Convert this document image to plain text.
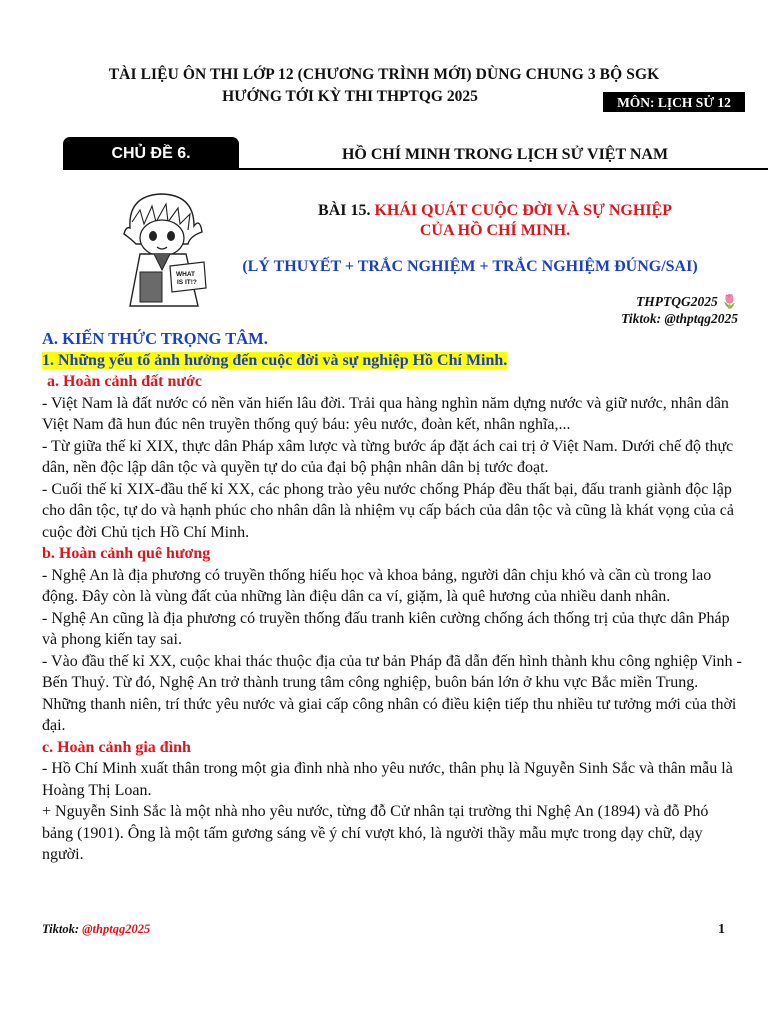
TÀI LIỆU ÔN THI LỚP 12 (CHƯƠNG TRÌNH MỚI) DÙNG CHUNG 3 BỘ SGK
HƯỚNG TỚI KỲ THI THPTQG 2025	MÔN: LỊCH SỬ 12
CHỦ ĐỀ 6.	HỒ CHÍ MINH TRONG LỊCH SỬ VIỆT NAM
WHAT
IS IT!?
BÀI 15. KHÁI QUÁT CUỘC ĐỜI VÀ SỰ NGHIỆP
CỦA HỒ CHÍ MINH.
(LÝ THUYẾT + TRẮC NGHIỆM + TRẮC NGHIỆM ĐÚNG/SAI)
THPTQG2025 🌷
Tiktok: @thptqg2025

A. KIẾN THỨC TRỌNG TÂM.

1. Những yếu tố ảnh hưởng đến cuộc đời và sự nghiệp Hồ Chí Minh.

a. Hoàn cảnh đất nước

- Việt Nam là đất nước có nền văn hiến lâu đời. Trải qua hàng nghìn năm dựng nước và giữ nước, nhân dân Việt Nam đã hun đúc nên truyền thống quý báu: yêu nước, đoàn kết, nhân nghĩa,...

- Từ giữa thế kỉ XIX, thực dân Pháp xâm lược và từng bước áp đặt ách cai trị ở Việt Nam. Dưới chế độ thực dân, nền độc lập dân tộc và quyền tự do của đại bộ phận nhân dân bị tước đoạt.

- Cuối thế kỉ XIX-đầu thế kỉ XX, các phong trào yêu nước chống Pháp đều thất bại, đấu tranh giành độc lập cho dân tộc, tự do và hạnh phúc cho nhân dân là nhiệm vụ cấp bách của dân tộc và cũng là khát vọng của cả cuộc đời Chủ tịch Hồ Chí Minh.

b. Hoàn cảnh quê hương

- Nghệ An là địa phương có truyền thống hiếu học và khoa bảng, người dân chịu khó và cần cù trong lao động. Đây còn là vùng đất của những làn điệu dân ca ví, giặm, là quê hương của nhiều danh nhân.

- Nghệ An cũng là địa phương có truyền thống đấu tranh kiên cường chống ách thống trị của thực dân Pháp và phong kiến tay sai.

- Vào đầu thế kỉ XX, cuộc khai thác thuộc địa của tư bản Pháp đã dẫn đến hình thành khu công nghiệp Vinh - Bến Thuỷ. Từ đó, Nghệ An trở thành trung tâm công nghiệp, buôn bán lớn ở khu vực Bắc miền Trung. Những thanh niên, trí thức yêu nước và giai cấp công nhân có điều kiện tiếp thu nhiều tư tưởng mới của thời đại.

c. Hoàn cảnh gia đình

- Hồ Chí Minh xuất thân trong một gia đình nhà nho yêu nước, thân phụ là Nguyễn Sinh Sắc và thân mẫu là Hoàng Thị Loan.

+ Nguyễn Sinh Sắc là một nhà nho yêu nước, từng đỗ Cử nhân tại trường thi Nghệ An (1894) và đỗ Phó bảng (1901). Ông là một tấm gương sáng về ý chí vượt khó, là người thầy mẫu mực trong dạy chữ, dạy người.

Tiktok: @thptqg2025	1
